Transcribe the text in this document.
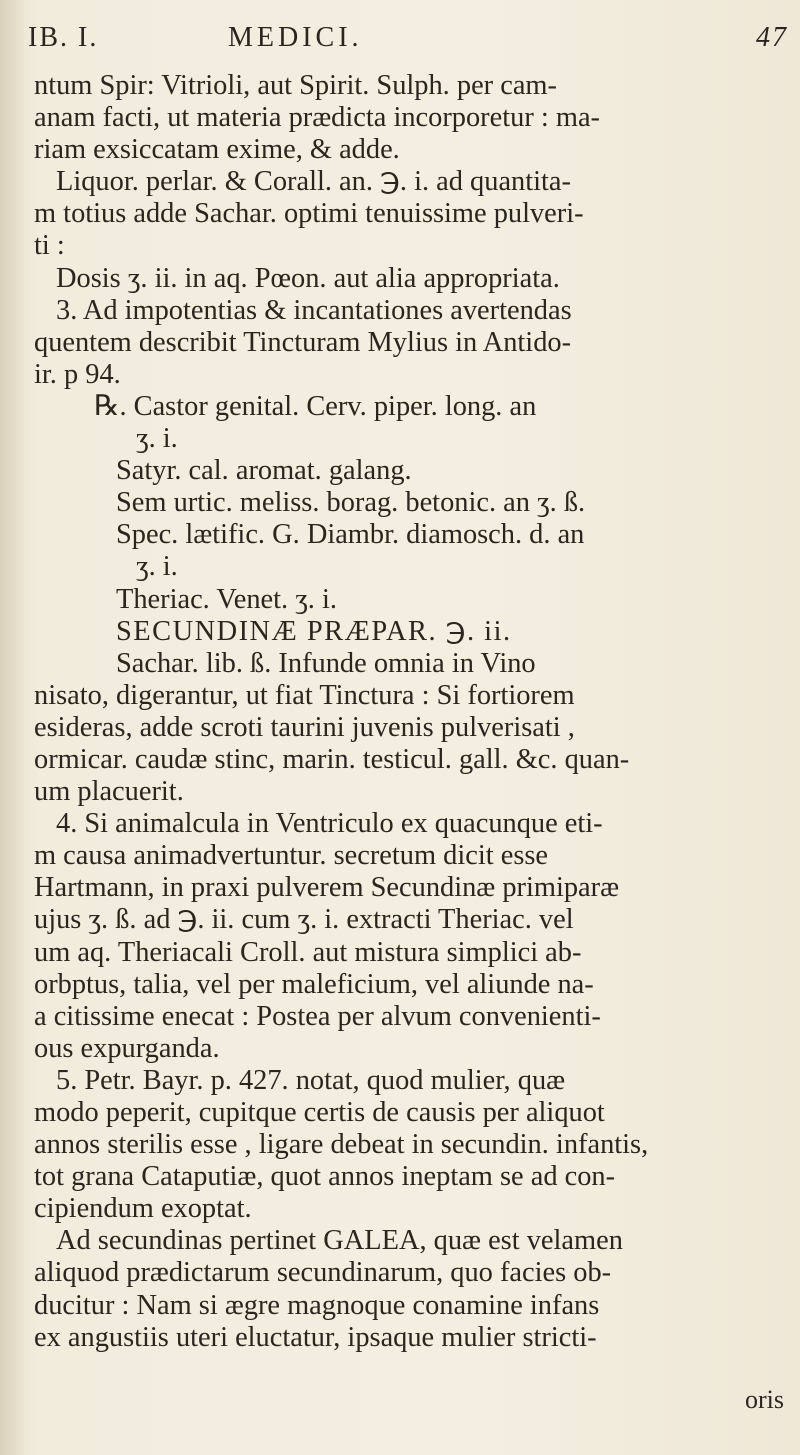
IB. I.	MEDICI.	47
ntum Spir: Vitrioli, aut Spirit. Sulph. per cam-
anam facti, ut materia prædicta incorporetur : ma-
riam exsiccatam exime, & adde.
Liquor. perlar. & Corall. an. ℈. i. ad quantita-
m totius adde Sachar. optimi tenuissime pulveri-
ti :
Dosis ʒ. ii. in aq. Pœon. aut alia appropriata.
3. Ad impotentias & incantationes avertendas
quentem describit Tincturam Mylius in Antido-
ir. p 94.
℞. Castor genital. Cerv. piper. long. an
ʒ. i.
Satyr. cal. aromat. galang.
Sem urtic. meliss. borag. betonic. an ʒ. ß.
Spec. lætific. G. Diambr. diamosch. d. an
ʒ. i.
Theriac. Venet. ʒ. i.
SECUNDINÆ PRÆPAR. ℈. ii.
Sachar. lib. ß. Infunde omnia in Vino
nisato, digerantur, ut fiat Tinctura : Si fortiorem
esideras, adde scroti taurini juvenis pulverisati ,
ormicar. caudæ stinc, marin. testicul. gall. &c. quan-
um placuerit.
4. Si animalcula in Ventriculo ex quacunque eti-
m causa animadvertuntur. secretum dicit esse
Hartmann, in praxi pulverem Secundinæ primiparæ
ujus ʒ. ß. ad ℈. ii. cum ʒ. i. extracti Theriac. vel
um aq. Theriacali Croll. aut mistura simplici ab-
orbptus, talia, vel per maleficium, vel aliunde na-
a citissime enecat : Postea per alvum convenienti-
ous expurganda.
5. Petr. Bayr. p. 427. notat, quod mulier, quæ
modo peperit, cupitque certis de causis per aliquot
annos sterilis esse , ligare debeat in secundin. infantis,
tot grana Cataputiæ, quot annos ineptam se ad con-
cipiendum exoptat.
Ad secundinas pertinet GALEA, quæ est velamen
aliquod prædictarum secundinarum, quo facies ob-
ducitur : Nam si ægre magnoque conamine infans
ex angustiis uteri eluctatur, ipsaque mulier stricti-
oris
